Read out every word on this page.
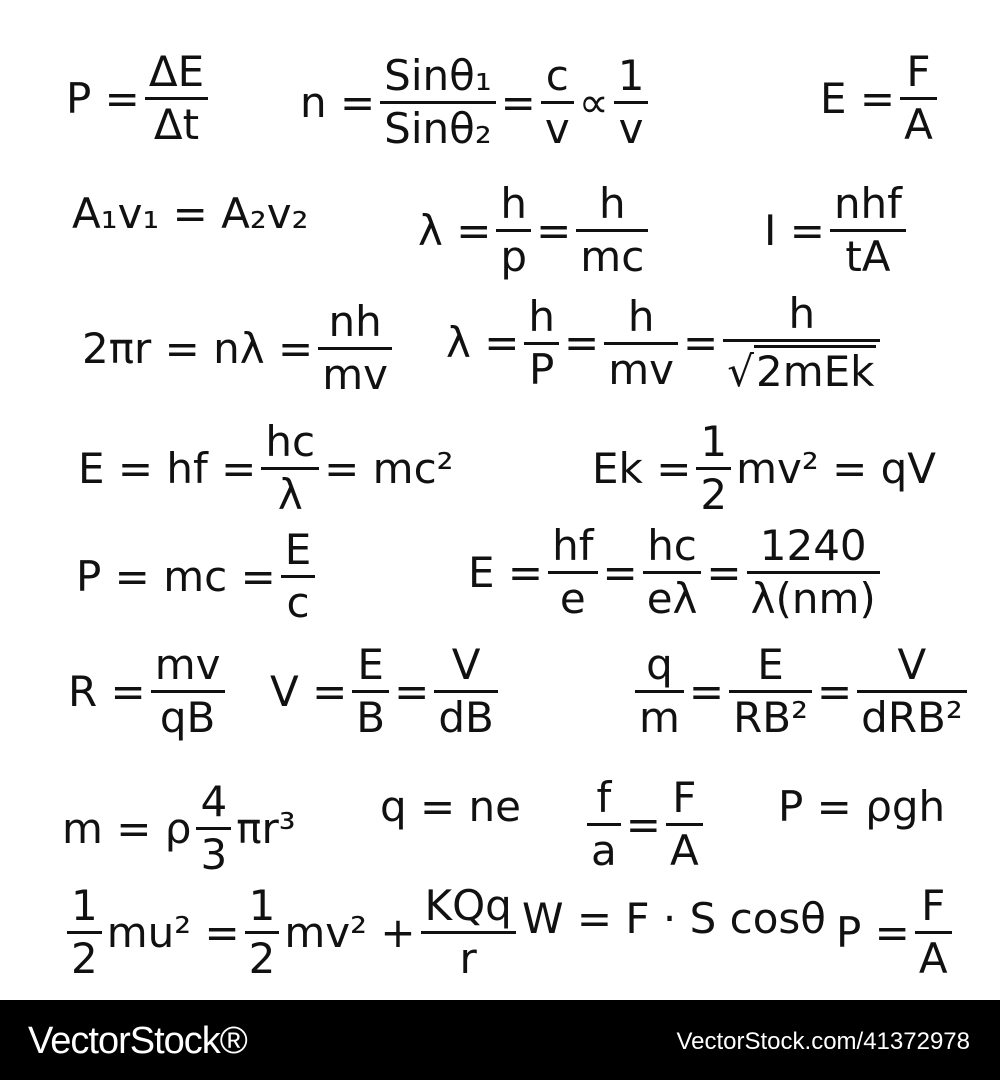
$P = \frac{\Delta E}{\Delta t}$ $n = \frac{\text{Sinθ₁}}{\text{Sinθ₂}} = \frac{c}{v} \propto \frac{1}{v}$	$E = \frac{F}{A}$
A₁v₁ = A₂v₂	$\lambda = \frac{h}{p} = \frac{h}{mc}$	$I = \frac{\text{nhf}}{tA}$
$2\pi r = n\lambda = \frac{nh}{mv}$ $\lambda = \frac{h}{P} = \frac{h}{mv} = \frac{h}{\text{√ 2mEk}}$
E = hf = $\frac{hc}{\lambda} = mc^2$	$Ek = \frac{1}{2} mv^2$ = qV
P = mc = $\frac{E}{c}$	$E = \frac{hf}{e} = \frac{hc}{e\lambda} = \frac{1240}{\lambda(nm)}$
$R = \frac{mv}{qB}$ $V = \frac{E}{B} = \frac{V}{dB}$	$\frac{q}{m} = \frac{E}{\text{RB²}} = \frac{V}{\text{dRB²}}$
m = ρ $\frac{4}{3} \pi r^3$ q = ne $\frac{f}{a} = \frac{F}{A}$ P = ρgh
$\frac{1}{2} mu^2 = \frac{1}{2} mv^2 + \frac{\text{KQq}}{r}$ W = F · S cosθ $P = \frac{F}{A}$
VectorStock®	VectorStock.com/41372978
